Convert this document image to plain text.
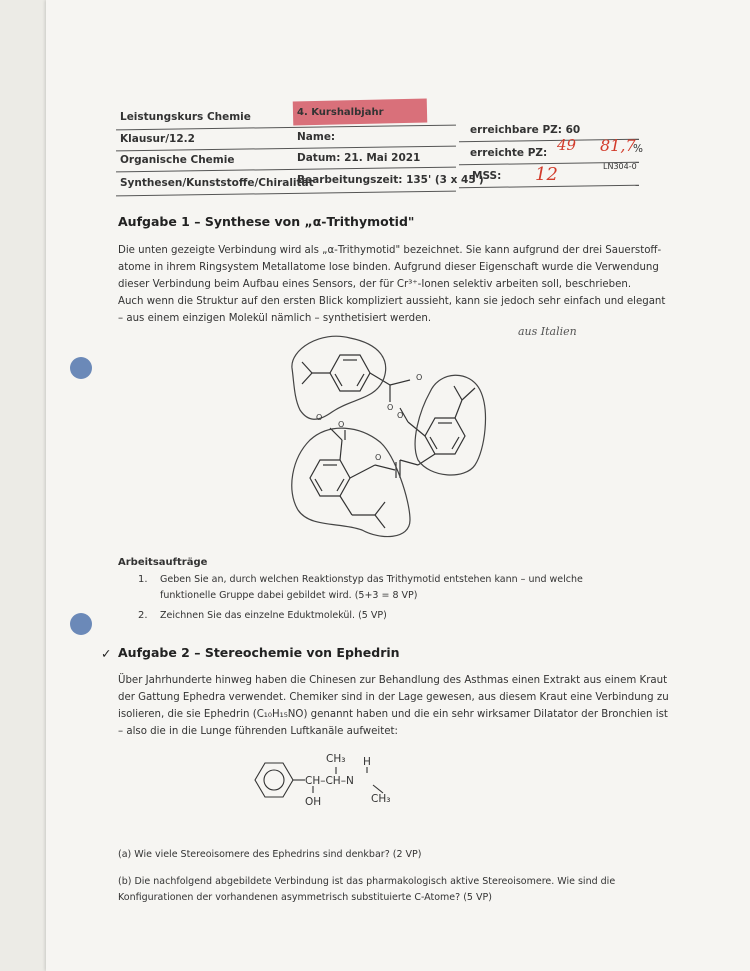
Leistungskurs Chemie
Klausur/12.2
Organische Chemie
Synthesen/Kunststoffe/Chiralität
4. Kurshalbjahr
Name:
Datum: 21. Mai 2021
Bearbeitungszeit: 135' (3 x 45')
erreichbare PZ: 60
erreichte PZ:
MSS:
LN304-0
%
49 81,7
12
Aufgabe 1 – Synthese von „α-Trithymotid"
Die unten gezeigte Verbindung wird als „α-Trithymotid" bezeichnet. Sie kann aufgrund der drei Sauerstoff-
atome in ihrem Ringsystem Metallatome lose binden. Aufgrund dieser Eigenschaft wurde die Verwendung
dieser Verbindung beim Aufbau eines Sensors, der für Cr³⁺-Ionen selektiv arbeiten soll, beschrieben.
Auch wenn die Struktur auf den ersten Blick kompliziert aussieht, kann sie jedoch sehr einfach und elegant
– aus einem einzigen Molekül nämlich – synthetisiert werden.
aus Italien
O
O
O
O
O
O
Arbeitsaufträge
1. Geben Sie an, durch welchen Reaktionstyp das Trithymotid entstehen kann – und welche
funktionelle Gruppe dabei gebildet wird. (5+3 = 8 VP)
2. Zeichnen Sie das einzelne Eduktmolekül. (5 VP)
✓ Aufgabe 2 – Stereochemie von Ephedrin
Über Jahrhunderte hinweg haben die Chinesen zur Behandlung des Asthmas einen Extrakt aus einem Kraut
der Gattung Ephedra verwendet. Chemiker sind in der Lage gewesen, aus diesem Kraut eine Verbindung zu
isolieren, die sie Ephedrin (C₁₀H₁₅NO) genannt haben und die ein sehr wirksamer Dilatator der Bronchien ist
– also die in die Lunge führenden Luftkanäle aufweitet:
CH₃ H
CH–CH–N
OH	CH₃
(a) Wie viele Stereoisomere des Ephedrins sind denkbar? (2 VP)
(b) Die nachfolgend abgebildete Verbindung ist das pharmakologisch aktive Stereoisomere. Wie sind die
Konfigurationen der vorhandenen asymmetrisch substituierte C-Atome? (5 VP)
